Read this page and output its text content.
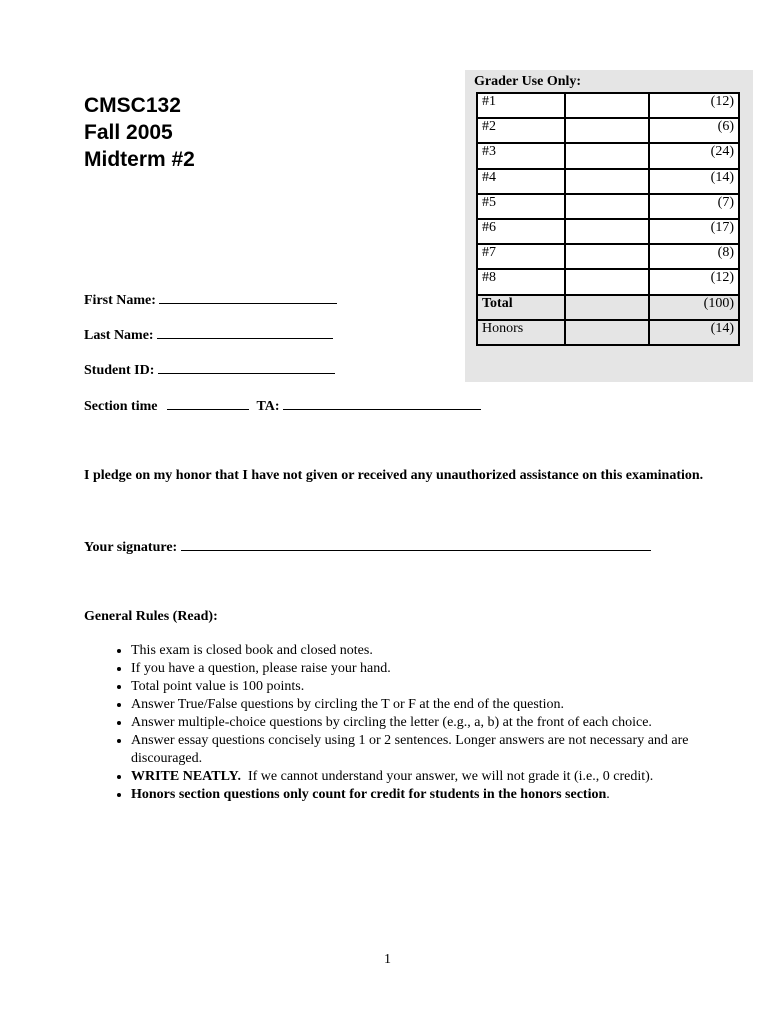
CMSC132
Fall 2005
Midterm #2
Grader Use Only:
#1		(12)
#2		(6)
#3		(24)
#4		(14)
#5		(7)
#6		(17)
#7		(8)
#8		(12)
Total		(100)
Honors		(14)
First Name:
Last Name:
Student ID:
Section time	TA:
I pledge on my honor that I have not given or received any unauthorized assistance on this examination.
Your signature:
General Rules (Read):
• This exam is closed book and closed notes.
• If you have a question, please raise your hand.
• Total point value is 100 points.
• Answer True/False questions by circling the T or F at the end of the question.
• Answer multiple-choice questions by circling the letter (e.g., a, b) at the front of each choice.
• Answer essay questions concisely using 1 or 2 sentences. Longer answers are not necessary and are discouraged.
• WRITE NEATLY.  If we cannot understand your answer, we will not grade it (i.e., 0 credit).
• Honors section questions only count for credit for students in the honors section.
1
